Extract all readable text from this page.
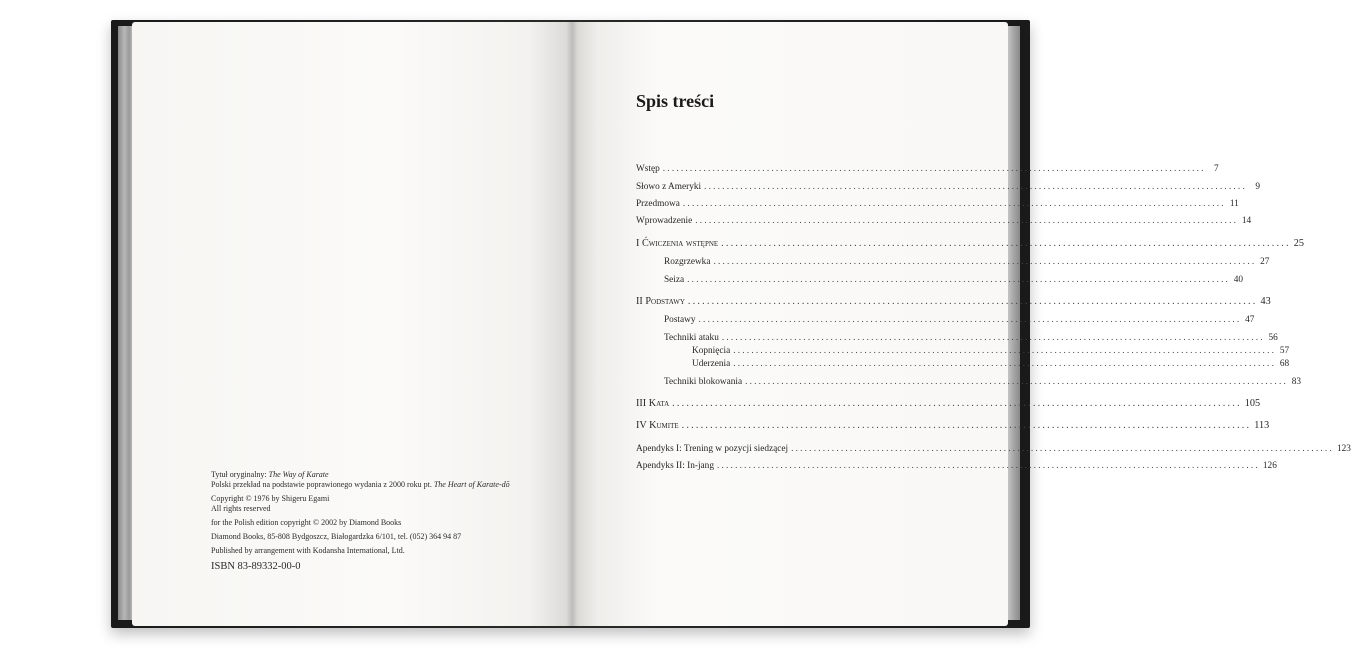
Tytuł oryginalny: The Way of Karate
Polski przekład na podstawie poprawionego wydania z 2000 roku pt. The Heart of Karate-dō
Copyright © 1976 by Shigeru Egami
All rights reserved
for the Polish edition copyright © 2002 by Diamond Books
Diamond Books, 85-808 Bydgoszcz, Białogardzka 6/101, tel. (052) 364 94 87
Published by arrangement with Kodansha International, Ltd.
ISBN 83-89332-00-0
Spis treści
Wstęp ........................................................................................................................ 7
Słowo z Ameryki ........................................................................................................................ 9
Przedmowa ........................................................................................................................ 11
Wprowadzenie ........................................................................................................................ 14
I Ćwiczenia wstępne ........................................................................................................................ 25
Rozgrzewka ........................................................................................................................ 27
Seiza ........................................................................................................................ 40
II Podstawy ........................................................................................................................ 43
Postawy ........................................................................................................................ 47
Techniki ataku ........................................................................................................................ 56
Kopnięcia ........................................................................................................................ 57
Uderzenia ........................................................................................................................ 68
Techniki blokowania ........................................................................................................................ 83
III Kata ........................................................................................................................ 105
IV Kumite ........................................................................................................................ 113
Apendyks I: Trening w pozycji siedzącej ........................................................................................................................ 123
Apendyks II: In-jang ........................................................................................................................ 126
